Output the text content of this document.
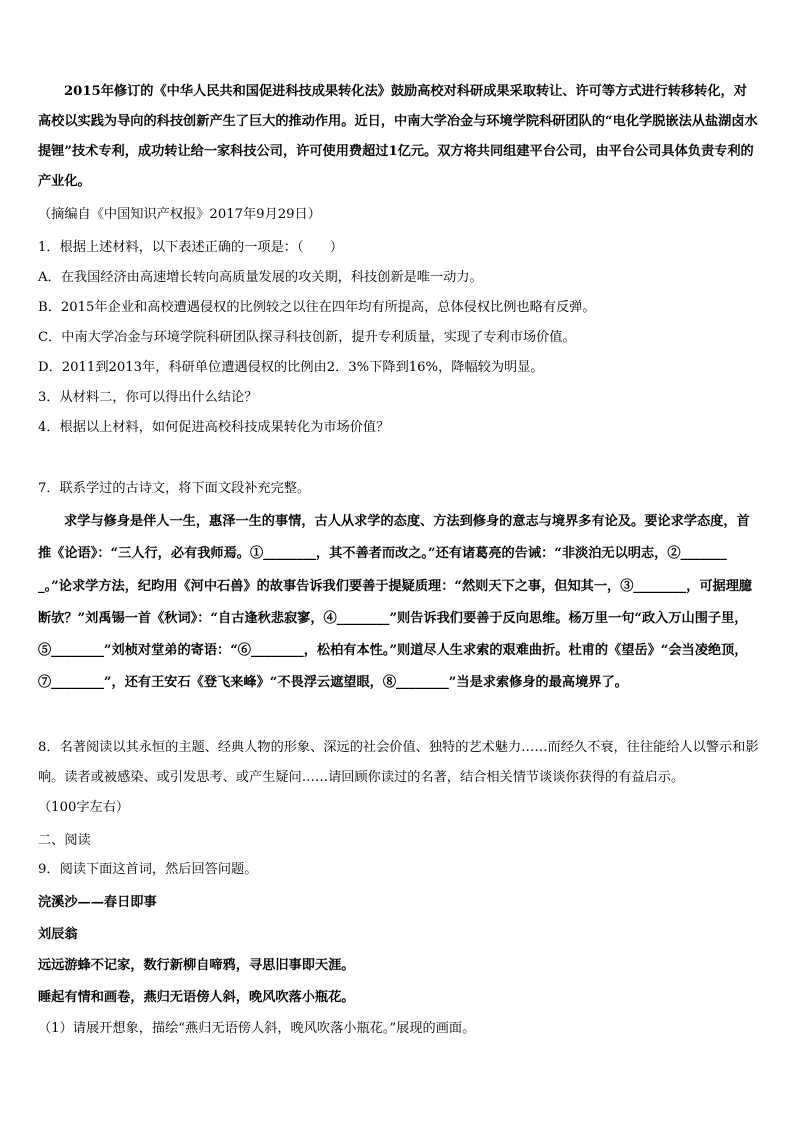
2015年修订的《中华人民共和国促进科技成果转化法》鼓励高校对科研成果采取转让、许可等方式进行转移转化，对高校以实践为导向的科技创新产生了巨大的推动作用。近日，中南大学冶金与环境学院科研团队的“电化学脱嵌法从盐湖卤水提锂”技术专利，成功转让给一家科技公司，许可使用费超过1亿元。双方将共同组建平台公司，由平台公司具体负责专利的产业化。

（摘编自《中国知识产权报》2017年9月29日）

1．根据上述材料，以下表述正确的一项是：（　　）

A．在我国经济由高速增长转向高质量发展的攻关期，科技创新是唯一动力。

B．2015年企业和高校遭遇侵权的比例较之以往在四年均有所提高，总体侵权比例也略有反弹。

C．中南大学冶金与环境学院科研团队探寻科技创新，提升专利质量，实现了专利市场价值。

D．2011到2013年，科研单位遭遇侵权的比例由2．3%下降到16%，降幅较为明显。

3．从材料二，你可以得出什么结论？

4．根据以上材料，如何促进高校科技成果转化为市场价值？

7．联系学过的古诗文，将下面文段补充完整。

求学与修身是伴人一生，惠泽一生的事情，古人从求学的态度、方法到修身的意志与境界多有论及。要论求学态度，首推《论语》：“三人行，必有我师焉。①________，其不善者而改之。”还有诸葛亮的告诫：“非淡泊无以明志，②________。”论求学方法，纪昀用《河中石兽》的故事告诉我们要善于提疑质理：“然则天下之事，但知其一，③________，可据理臆断欤？”刘禹锡一首《秋词》：“自古逢秋悲寂寥，④________”则告诉我们要善于反向思维。杨万里一句“政入万山围子里，⑤________”刘桢对堂弟的寄语：“⑥________，松柏有本性。”则道尽人生求索的艰难曲折。杜甫的《望岳》“会当凌绝顶，⑦________”，还有王安石《登飞来峰》“不畏浮云遮望眼，⑧________”当是求索修身的最高境界了。

8．名著阅读以其永恒的主题、经典人物的形象、深远的社会价值、独特的艺术魅力……而经久不衰，往往能给人以警示和影响。读者或被感染、或引发思考、或产生疑问……请回顾你读过的名著，结合相关情节谈谈你获得的有益启示。

（100字左右）

二、阅读

9．阅读下面这首词，然后回答问题。

浣溪沙——春日即事

刘辰翁

远远游蜂不记家，数行新柳自啼鸦，寻思旧事即天涯。

睡起有情和画卷，燕归无语傍人斜，晚风吹落小瓶花。

（1）请展开想象，描绘“燕归无语傍人斜，晚风吹落小瓶花。”展现的画面。
